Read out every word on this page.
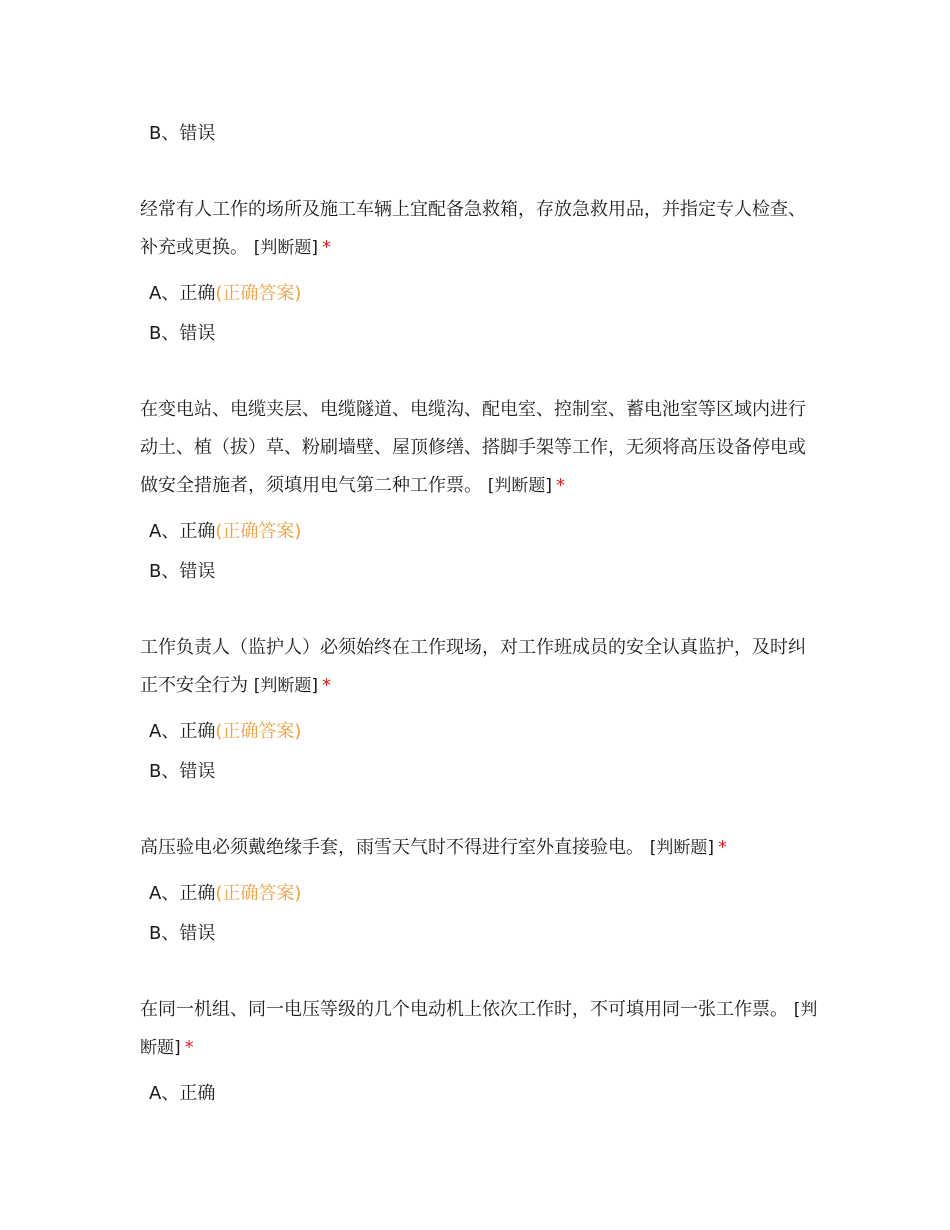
B、错误

经常有人工作的场所及施工车辆上宜配备急救箱，存放急救用品，并指定专人检查、补充或更换。 [判断题] *

A、正确(正确答案)
B、错误

在变电站、电缆夹层、电缆隧道、电缆沟、配电室、控制室、蓄电池室等区域内进行动土、植（拔）草、粉刷墙壁、屋顶修缮、搭脚手架等工作，无须将高压设备停电或做安全措施者，须填用电气第二种工作票。 [判断题] *

A、正确(正确答案)
B、错误

工作负责人（监护人）必须始终在工作现场，对工作班成员的安全认真监护，及时纠正不安全行为 [判断题] *

A、正确(正确答案)
B、错误

高压验电必须戴绝缘手套，雨雪天气时不得进行室外直接验电。 [判断题] *

A、正确(正确答案)
B、错误

在同一机组、同一电压等级的几个电动机上依次工作时，不可填用同一张工作票。 [判断题] *

A、正确
